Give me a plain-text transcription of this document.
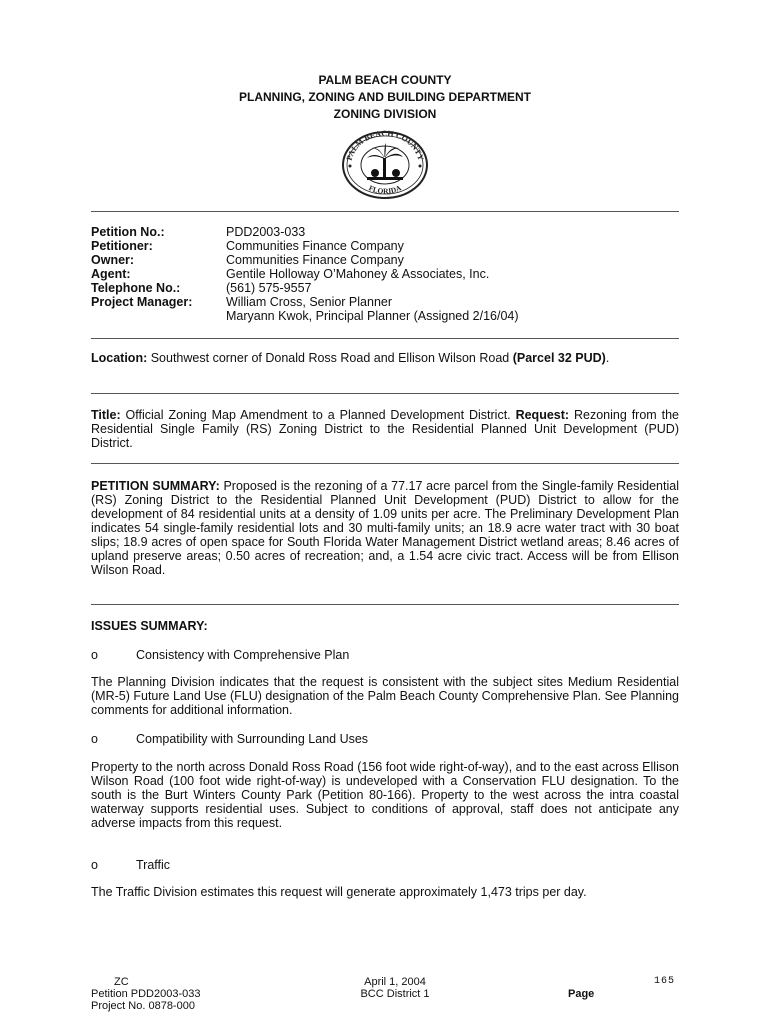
PALM BEACH COUNTY
PLANNING, ZONING AND BUILDING DEPARTMENT
ZONING DIVISION
PALM BEACH COUNTY
FLORIDA
Petition No.:	PDD2003-033
Petitioner:	Communities Finance Company
Owner:	Communities Finance Company
Agent:	Gentile Holloway O’Mahoney & Associates, Inc.
Telephone No.:	(561) 575-9557
Project Manager:	William Cross, Senior Planner
Maryann Kwok, Principal Planner (Assigned 2/16/04)
Location: Southwest corner of Donald Ross Road and Ellison Wilson Road (Parcel 32 PUD).
Title: Official Zoning Map Amendment to a Planned Development District. Request: Rezoning from the Residential Single Family (RS) Zoning District to the Residential Planned Unit Development (PUD) District.
PETITION SUMMARY: Proposed is the rezoning of a 77.17 acre parcel from the Single-family Residential (RS) Zoning District to the Residential Planned Unit Development (PUD) District to allow for the development of 84 residential units at a density of 1.09 units per acre. The Preliminary Development Plan indicates 54 single-family residential lots and 30 multi-family units; an 18.9 acre water tract with 30 boat slips; 18.9 acres of open space for South Florida Water Management District wetland areas; 8.46 acres of upland preserve areas; 0.50 acres of recreation; and, a 1.54 acre civic tract. Access will be from Ellison Wilson Road.
ISSUES SUMMARY:
o	Consistency with Comprehensive Plan
The Planning Division indicates that the request is consistent with the subject sites Medium Residential (MR-5) Future Land Use (FLU) designation of the Palm Beach County Comprehensive Plan. See Planning comments for additional information.
o	Compatibility with Surrounding Land Uses
Property to the north across Donald Ross Road (156 foot wide right-of-way), and to the east across Ellison Wilson Road (100 foot wide right-of-way) is undeveloped with a Conservation FLU designation. To the south is the Burt Winters County Park (Petition 80-166). Property to the west across the intra coastal waterway supports residential uses. Subject to conditions of approval, staff does not anticipate any adverse impacts from this request.
o	Traffic
The Traffic Division estimates this request will generate approximately 1,473 trips per day.
ZC
Petition PDD2003-033
Project No. 0878-000
April 1, 2004
BCC District 1	Page
165
